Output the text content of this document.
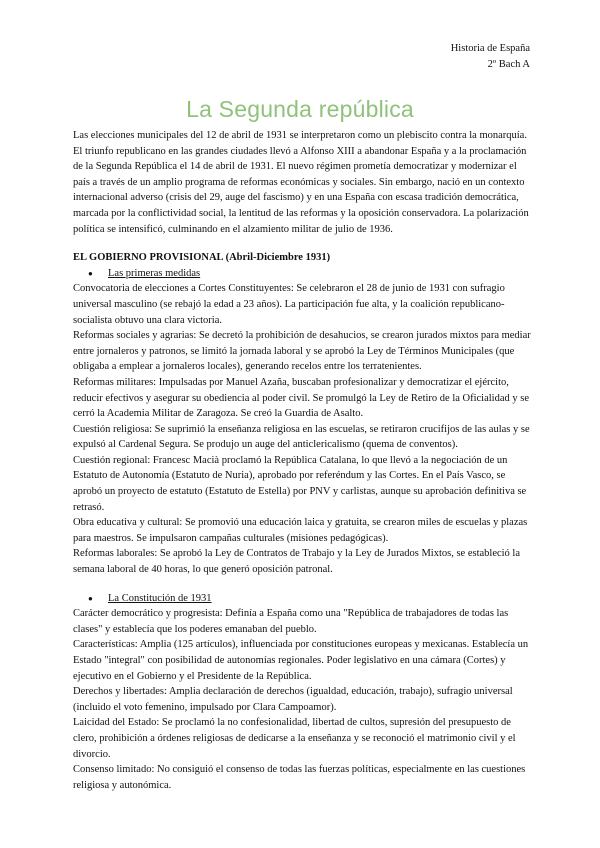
Historia de España
2º Bach A
La Segunda república

Las elecciones municipales del 12 de abril de 1931 se interpretaron como un plebiscito contra la monarquía. El triunfo republicano en las grandes ciudades llevó a Alfonso XIII a abandonar España y a la proclamación de la Segunda República el 14 de abril de 1931. El nuevo régimen prometía democratizar y modernizar el país a través de un amplio programa de reformas económicas y sociales. Sin embargo, nació en un contexto internacional adverso (crisis del 29, auge del fascismo) y en una España con escasa tradición democrática, marcada por la conflictividad social, la lentitud de las reformas y la oposición conservadora. La polarización política se intensificó, culminando en el alzamiento militar de julio de 1936.

EL GOBIERNO PROVISIONAL (Abril-Diciembre 1931)

●	Las primeras medidas

Convocatoria de elecciones a Cortes Constituyentes: Se celebraron el 28 de junio de 1931 con sufragio universal masculino (se rebajó la edad a 23 años). La participación fue alta, y la coalición republicano-socialista obtuvo una clara victoria.

Reformas sociales y agrarias: Se decretó la prohibición de desahucios, se crearon jurados mixtos para mediar entre jornaleros y patronos, se limitó la jornada laboral y se aprobó la Ley de Términos Municipales (que obligaba a emplear a jornaleros locales), generando recelos entre los terratenientes.

Reformas militares: Impulsadas por Manuel Azaña, buscaban profesionalizar y democratizar el ejército, reducir efectivos y asegurar su obediencia al poder civil. Se promulgó la Ley de Retiro de la Oficialidad y se cerró la Academia Militar de Zaragoza. Se creó la Guardia de Asalto.

Cuestión religiosa: Se suprimió la enseñanza religiosa en las escuelas, se retiraron crucifijos de las aulas y se expulsó al Cardenal Segura. Se produjo un auge del anticlericalismo (quema de conventos).

Cuestión regional: Francesc Macià proclamó la República Catalana, lo que llevó a la negociación de un Estatuto de Autonomía (Estatuto de Nuria), aprobado por referéndum y las Cortes. En el País Vasco, se aprobó un proyecto de estatuto (Estatuto de Estella) por PNV y carlistas, aunque su aprobación definitiva se retrasó.

Obra educativa y cultural: Se promovió una educación laica y gratuita, se crearon miles de escuelas y plazas para maestros. Se impulsaron campañas culturales (misiones pedagógicas).

Reformas laborales: Se aprobó la Ley de Contratos de Trabajo y la Ley de Jurados Mixtos, se estableció la semana laboral de 40 horas, lo que generó oposición patronal.

●	La Constitución de 1931

Carácter democrático y progresista: Definía a España como una "República de trabajadores de todas las clases" y establecía que los poderes emanaban del pueblo.

Características: Amplia (125 artículos), influenciada por constituciones europeas y mexicanas. Establecía un Estado "integral" con posibilidad de autonomías regionales. Poder legislativo en una cámara (Cortes) y ejecutivo en el Gobierno y el Presidente de la República.

Derechos y libertades: Amplia declaración de derechos (igualdad, educación, trabajo), sufragio universal (incluido el voto femenino, impulsado por Clara Campoamor).

Laicidad del Estado: Se proclamó la no confesionalidad, libertad de cultos, supresión del presupuesto de clero, prohibición a órdenes religiosas de dedicarse a la enseñanza y se reconoció el matrimonio civil y el divorcio.

Consenso limitado: No consiguió el consenso de todas las fuerzas políticas, especialmente en las cuestiones religiosa y autonómica.
